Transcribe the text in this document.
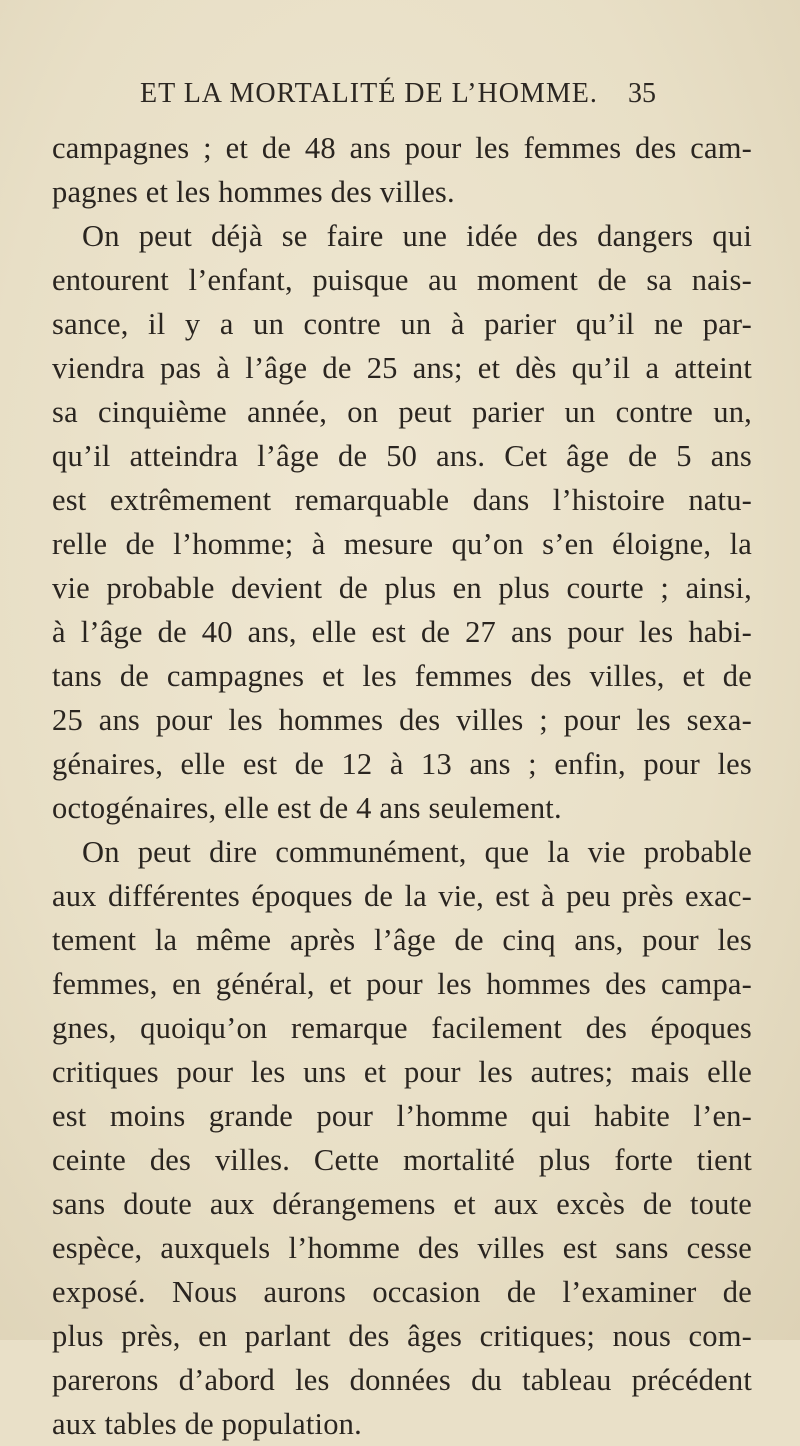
ET LA MORTALITÉ DE L’HOMME. 35
campagnes ; et de 48 ans pour les femmes des cam-
pagnes et les hommes des villes.
On peut déjà se faire une idée des dangers qui
entourent l’enfant, puisque au moment de sa nais-
sance, il y a un contre un à parier qu’il ne par-
viendra pas à l’âge de 25 ans; et dès qu’il a atteint
sa cinquième année, on peut parier un contre un,
qu’il atteindra l’âge de 50 ans. Cet âge de 5 ans
est extrêmement remarquable dans l’histoire natu-
relle de l’homme; à mesure qu’on s’en éloigne, la
vie probable devient de plus en plus courte ; ainsi,
à l’âge de 40 ans, elle est de 27 ans pour les habi-
tans de campagnes et les femmes des villes, et de
25 ans pour les hommes des villes ; pour les sexa-
génaires, elle est de 12 à 13 ans ; enfin, pour les
octogénaires, elle est de 4 ans seulement.
On peut dire communément, que la vie probable
aux différentes époques de la vie, est à peu près exac-
tement la même après l’âge de cinq ans, pour les
femmes, en général, et pour les hommes des campa-
gnes, quoiqu’on remarque facilement des époques
critiques pour les uns et pour les autres; mais elle
est moins grande pour l’homme qui habite l’en-
ceinte des villes. Cette mortalité plus forte tient
sans doute aux dérangemens et aux excès de toute
espèce, auxquels l’homme des villes est sans cesse
exposé. Nous aurons occasion de l’examiner de
plus près, en parlant des âges critiques; nous com-
parerons d’abord les données du tableau précédent
aux tables de population.
